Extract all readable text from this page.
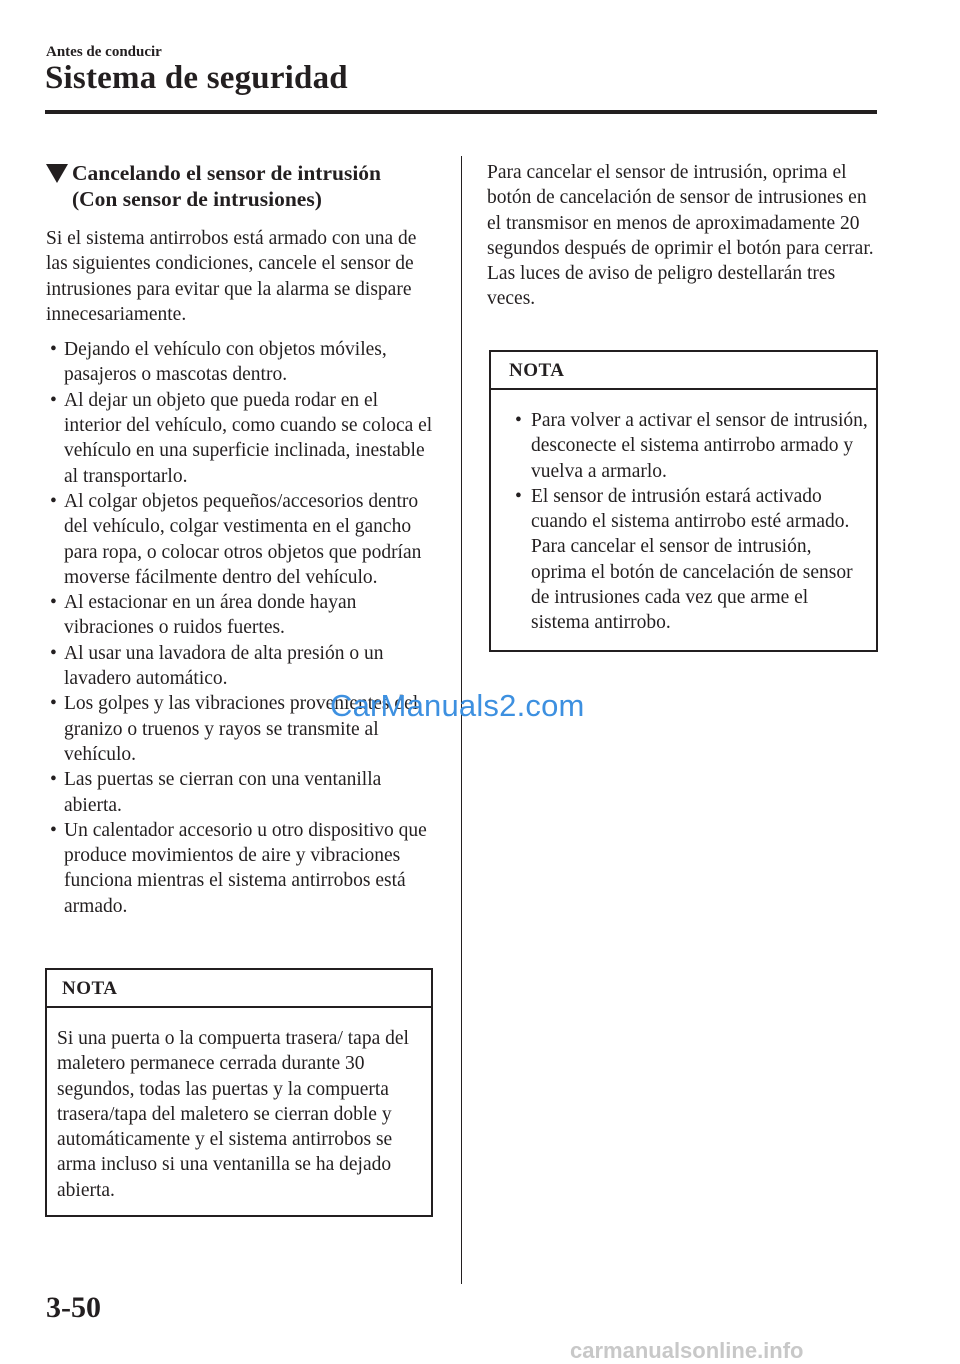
Antes de conducir
Sistema de seguridad
Cancelando el sensor de intrusión
(Con sensor de intrusiones)

Si el sistema antirrobos está armado con una de las siguientes condiciones, cancele el sensor de intrusiones para evitar que la alarma se dispare innecesariamente.

• Dejando el vehículo con objetos móviles, pasajeros o mascotas dentro.
• Al dejar un objeto que pueda rodar en el interior del vehículo, como cuando se coloca el vehículo en una superficie inclinada, inestable al transportarlo.
• Al colgar objetos pequeños/accesorios dentro del vehículo, colgar vestimenta en el gancho para ropa, o colocar otros objetos que podrían moverse fácilmente dentro del vehículo.
• Al estacionar en un área donde hayan vibraciones o ruidos fuertes.
• Al usar una lavadora de alta presión o un lavadero automático.
• Los golpes y las vibraciones provenientes del granizo o truenos y rayos se transmite al vehículo.
• Las puertas se cierran con una ventanilla abierta.
• Un calentador accesorio u otro dispositivo que produce movimientos de aire y vibraciones funciona mientras el sistema antirrobos está armado.
NOTA
Si una puerta o la compuerta trasera/ tapa del maletero permanece cerrada durante 30 segundos, todas las puertas y la compuerta trasera/tapa del maletero se cierran doble y automáticamente y el sistema antirrobos se arma incluso si una ventanilla se ha dejado abierta.

Para cancelar el sensor de intrusión, oprima el botón de cancelación de sensor de intrusiones en el transmisor en menos de aproximadamente 20 segundos después de oprimir el botón para cerrar.

Las luces de aviso de peligro destellarán tres veces.

NOTA
• Para volver a activar el sensor de intrusión, desconecte el sistema antirrobo armado y vuelva a armarlo.
• El sensor de intrusión estará activado cuando el sistema antirrobo esté armado. Para cancelar el sensor de intrusión, oprima el botón de cancelación de sensor de intrusiones cada vez que arme el sistema antirrobo.
3-50
CarManuals2.com
carmanualsonline.info
